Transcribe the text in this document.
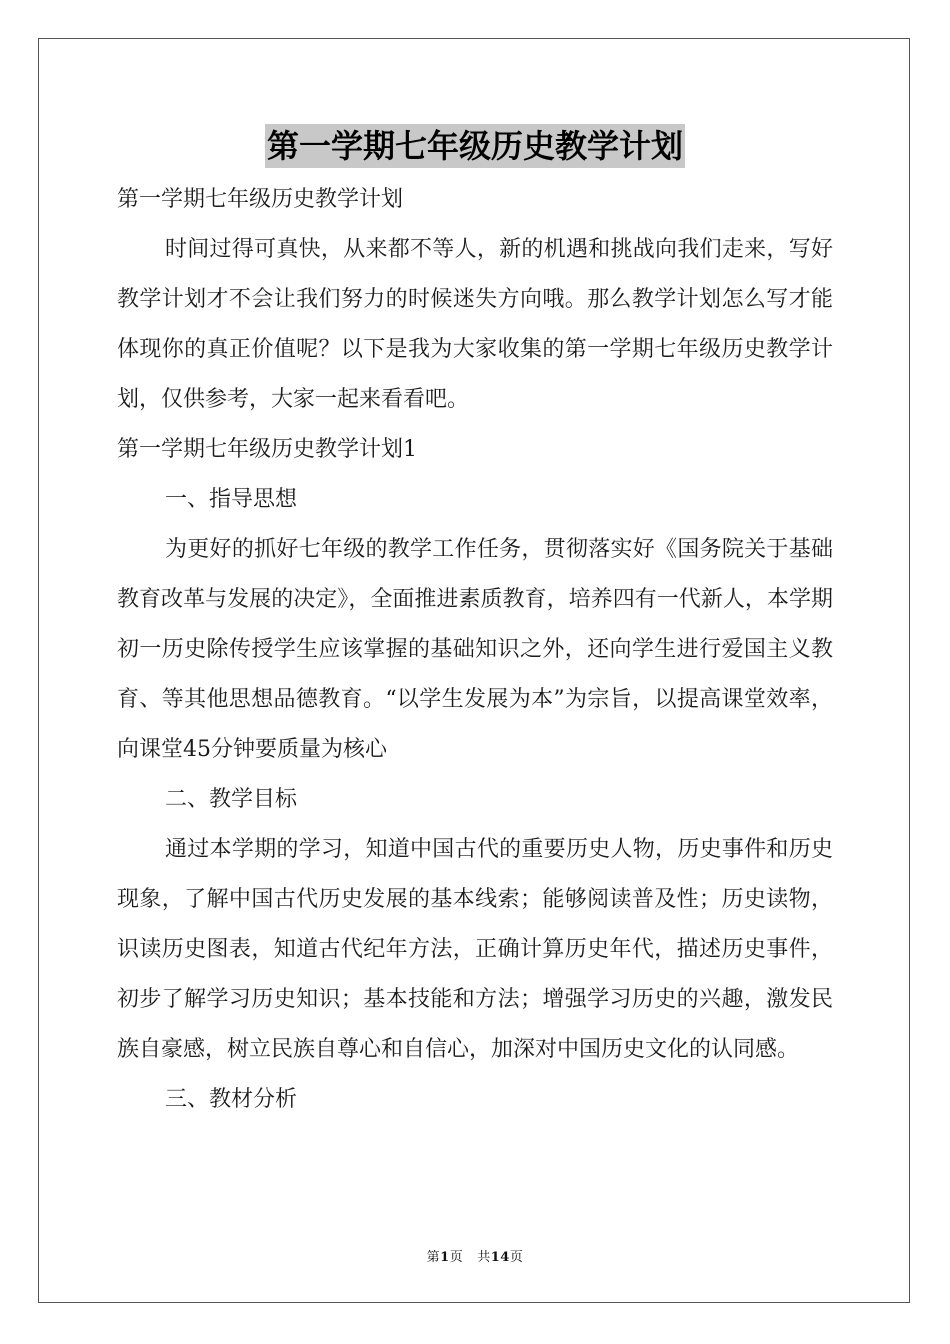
第一学期七年级历史教学计划

第一学期七年级历史教学计划

时间过得可真快，从来都不等人，新的机遇和挑战向我们走来，写好教学计划才不会让我们努力的时候迷失方向哦。那么教学计划怎么写才能体现你的真正价值呢？以下是我为大家收集的第一学期七年级历史教学计划，仅供参考，大家一起来看看吧。

第一学期七年级历史教学计划1

一、指导思想

为更好的抓好七年级的教学工作任务，贯彻落实好《国务院关于基础教育改革与发展的决定》，全面推进素质教育，培养四有一代新人，本学期初一历史除传授学生应该掌握的基础知识之外，还向学生进行爱国主义教育、等其他思想品德教育。“以学生发展为本”为宗旨，以提高课堂效率，向课堂45分钟要质量为核心

二、教学目标

通过本学期的学习，知道中国古代的重要历史人物，历史事件和历史现象，了解中国古代历史发展的基本线索；能够阅读普及性；历史读物，识读历史图表，知道古代纪年方法，正确计算历史年代，描述历史事件，初步了解学习历史知识；基本技能和方法；增强学习历史的兴趣，激发民族自豪感，树立民族自尊心和自信心，加深对中国历史文化的认同感。

三、教材分析

第1页 共14页
